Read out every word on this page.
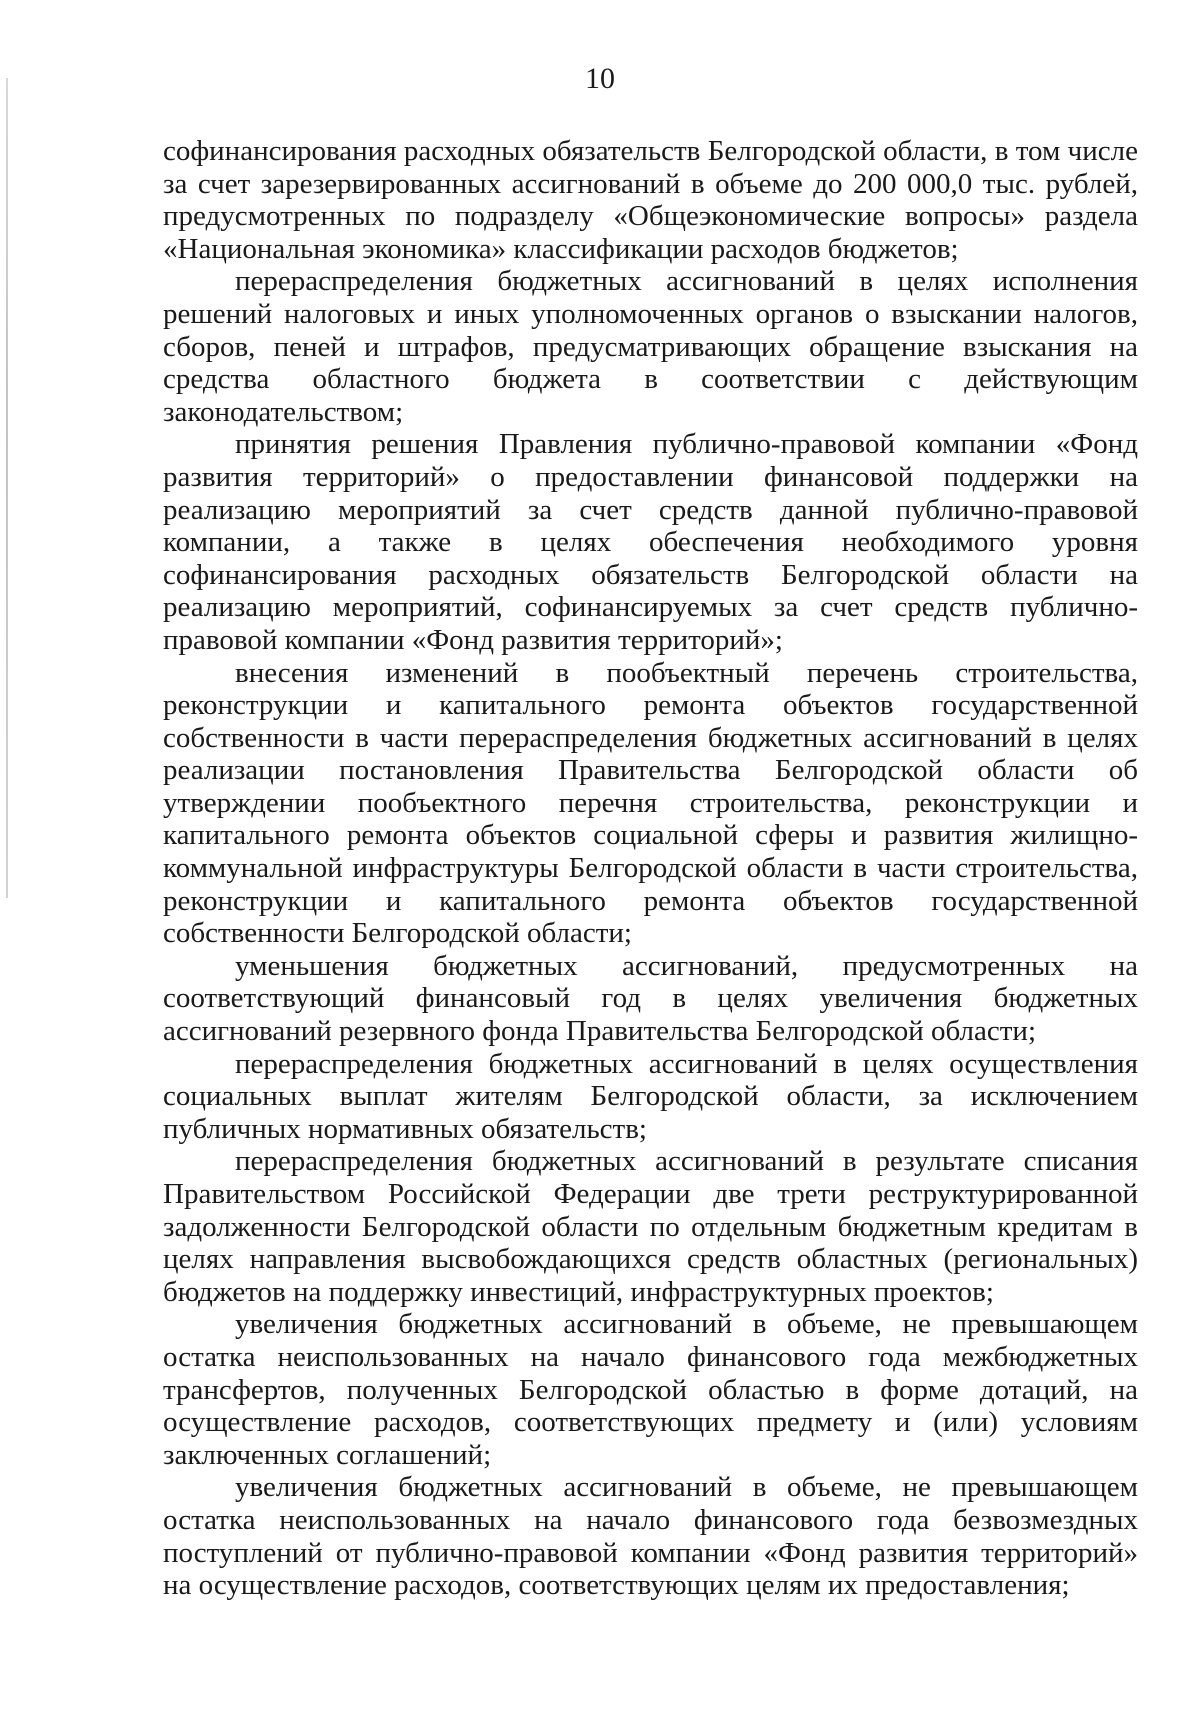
10

софинансирования расходных обязательств Белгородской области, в том числе за счет зарезервированных ассигнований в объеме до 200 000,0 тыс. рублей, предусмотренных по подразделу «Общеэкономические вопросы» раздела «Национальная экономика» классификации расходов бюджетов;

перераспределения бюджетных ассигнований в целях исполнения решений налоговых и иных уполномоченных органов о взыскании налогов, сборов, пеней и штрафов, предусматривающих обращение взыскания на средства областного бюджета в соответствии с действующим законодательством;

принятия решения Правления публично-правовой компании «Фонд развития территорий» о предоставлении финансовой поддержки на реализацию мероприятий за счет средств данной публично-правовой компании, а также в целях обеспечения необходимого уровня софинансирования расходных обязательств Белгородской области на реализацию мероприятий, софинансируемых за счет средств публично-правовой компании «Фонд развития территорий»;

внесения изменений в пообъектный перечень строительства, реконструкции и капитального ремонта объектов государственной собственности в части перераспределения бюджетных ассигнований в целях реализации постановления Правительства Белгородской области об утверждении пообъектного перечня строительства, реконструкции и капитального ремонта объектов социальной сферы и развития жилищно-коммунальной инфраструктуры Белгородской области в части строительства, реконструкции и капитального ремонта объектов государственной собственности Белгородской области;

уменьшения бюджетных ассигнований, предусмотренных на соответствующий финансовый год в целях увеличения бюджетных ассигнований резервного фонда Правительства Белгородской области;

перераспределения бюджетных ассигнований в целях осуществления социальных выплат жителям Белгородской области, за исключением публичных нормативных обязательств;

перераспределения бюджетных ассигнований в результате списания Правительством Российской Федерации две трети реструктурированной задолженности Белгородской области по отдельным бюджетным кредитам в целях направления высвобождающихся средств областных (региональных) бюджетов на поддержку инвестиций, инфраструктурных проектов;

увеличения бюджетных ассигнований в объеме, не превышающем остатка неиспользованных на начало финансового года межбюджетных трансфертов, полученных Белгородской областью в форме дотаций, на осуществление расходов, соответствующих предмету и (или) условиям заключенных соглашений;

увеличения бюджетных ассигнований в объеме, не превышающем остатка неиспользованных на начало финансового года безвозмездных поступлений от публично-правовой компании «Фонд развития территорий» на осуществление расходов, соответствующих целям их предоставления;
